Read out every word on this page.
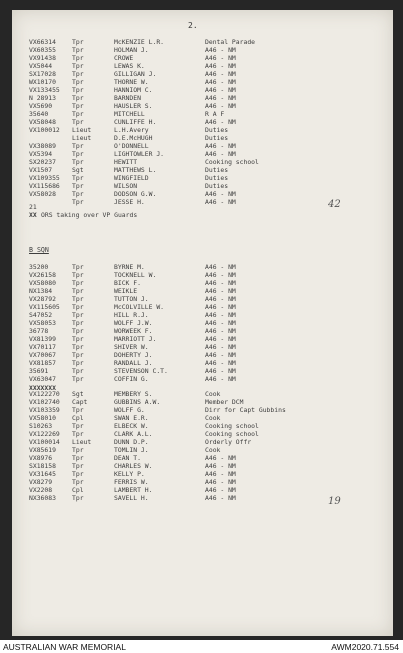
2.
VX66314	Tpr	McKENZIE L.R.	Dental Parade
VX60355	Tpr	HOLMAN J.	A46 - NM
VX91438	Tpr	CROWE	A46 - NM
VX5044	Tpr	LEWAS K.	A46 - NM
SX17028	Tpr	GILLIGAN J.	A46 - NM
WX10170	Tpr	THORNE W.	A46 - NM
VX133455 Tpr	HANNIOM C.	A46 - NM
N 28913	Tpr	BARNDEN	A46 - NM
VX5690	Tpr	HAUSLER S.	A46 - NM
35640	Tpr	MITCHELL	R A F
VX58048	Tpr	CUNLIFFE H.	A46 - NM
VX100012 Lieut	L.H.Avery	Duties
Lieut	D.E.McHUGH	Duties
VX38089	Tpr	O'DONNELL	A46 - NM
VX5394	Tpr	LIGHTOWLER J.	A46 - NM
SX20237	Tpr	HEWITT	Cooking school
VX1507	Sgt	MATTHEWS L.	Duties
VX109355 Tpr	WINGFIELD	Duties
VX115686 Tpr	WILSON	Duties
VX58028	Tpr	DODSON G.W.	A46 - NM
Tpr	JESSE H.	A46 - NM
21
XX ORS taking over VP Guards
B SQN
35200	Tpr	BYRNE M.	A46 - NM
VX26158	Tpr	TOCKNELL W.	A46 - NM
VX58080	Tpr	BICK F.	A46 - NM
NX1384	Tpr	WEIKLE	A46 - NM
VX28792	Tpr	TUTTON J.	A46 - NM
VX115605 Tpr	McCOLVILLE W.	A46 - NM
S47052	Tpr	HILL R.J.	A46 - NM
VX58053	Tpr	WOLFF J.W.	A46 - NM
36778	Tpr	WORWEEK F.	A46 - NM
VX81399	Tpr	MARRIOTT J.	A46 - NM
VX70117	Tpr	SHIVER W.	A46 - NM
VX70067	Tpr	DOHERTY J.	A46 - NM
VX81857	Tpr	RANDALL J.	A46 - NM
35691	Tpr	STEVENSON C.T.	A46 - NM
VX63047	Tpr	COFFIN G.	A46 - NM
XXXXXXX
VX122270 Sgt	MEMBERY S.	Cook
VX102740 Capt	GUBBINS A.W.	Member DCM
VX103359 Tpr	WOLFF G.	Dirr for Capt Gubbins
VX58010	Cpl	SWAN E.R.	Cook
S10263	Tpr	ELBECK W.	Cooking school
VX122269 Tpr	CLARK A.L.	Cooking school
VX100014 Lieut	DUNN D.P.	Orderly Offr
VX85619	Tpr	TOMLIN J.	Cook
VX8976	Tpr	DEAN T.	A46 - NM
SX18158	Tpr	CHARLES W.	A46 - NM
VX31645	Tpr	KELLY P.	A46 - NM
VX8279	Tpr	FERRIS W.	A46 - NM
VX2208	Cpl	LAMBERT H.	A46 - NM
NX36083	Tpr	SAVELL H.	A46 - NM
42
19
AUSTRALIAN WAR MEMORIAL	AWM2020.71.554
